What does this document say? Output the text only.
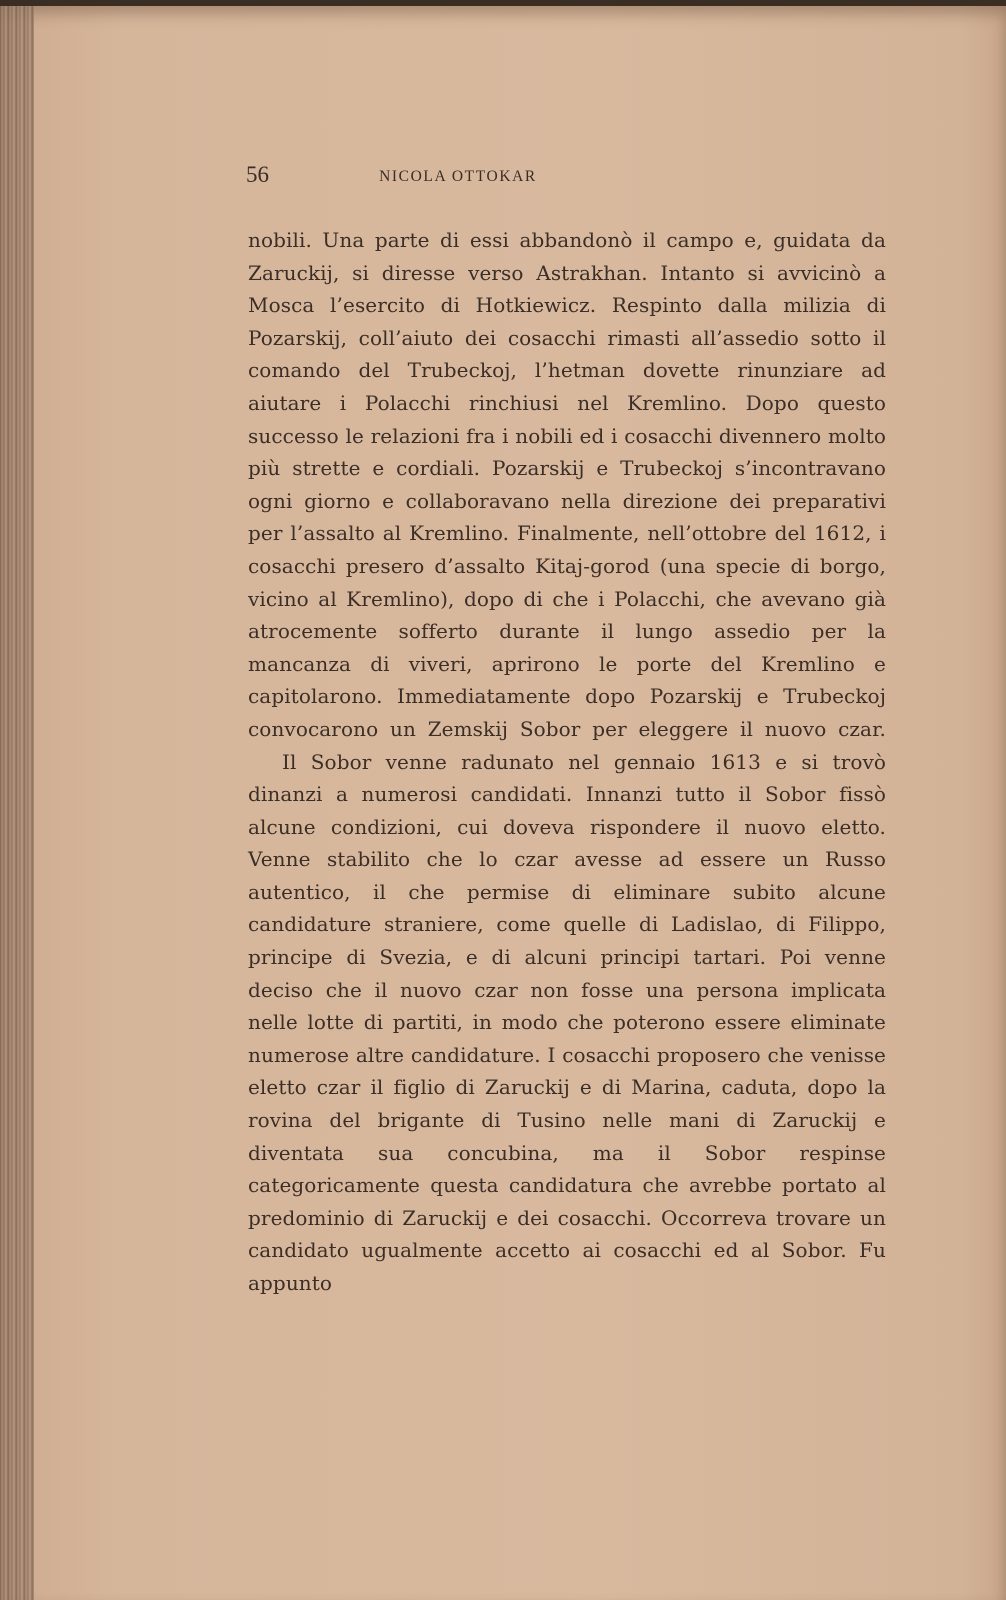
56	NICOLA OTTOKAR

nobili. Una parte di essi abbandonò il campo e, guidata da Zaruckij, si diresse verso Astrakhan. Intanto si avvicinò a Mosca l’esercito di Hotkiewicz. Respinto dalla milizia di Pozarskij, coll’aiuto dei cosacchi rimasti all’assedio sotto il comando del Trubeckoj, l’hetman dovette rinunziare ad aiutare i Polacchi rinchiusi nel Kremlino. Dopo questo successo le relazioni fra i nobili ed i cosacchi divennero molto più strette e cordiali. Pozarskij e Trubeckoj s’incontravano ogni giorno e collaboravano nella direzione dei preparativi per l’assalto al Kremlino. Finalmente, nell’ottobre del 1612, i cosacchi presero d’assalto Kitaj-gorod (una specie di borgo, vicino al Kremlino), dopo di che i Polacchi, che avevano già atrocemente sofferto durante il lungo assedio per la mancanza di viveri, aprirono le porte del Kremlino e capitolarono. Immediatamente dopo Pozarskij e Trubeckoj convocarono un Zemskij Sobor per eleggere il nuovo czar.

Il Sobor venne radunato nel gennaio 1613 e si trovò dinanzi a numerosi candidati. Innanzi tutto il Sobor fissò alcune condizioni, cui doveva rispondere il nuovo eletto. Venne stabilito che lo czar avesse ad essere un Russo autentico, il che permise di eliminare subito alcune candidature straniere, come quelle di Ladislao, di Filippo, principe di Svezia, e di alcuni principi tartari. Poi venne deciso che il nuovo czar non fosse una persona implicata nelle lotte di partiti, in modo che poterono essere eliminate numerose altre candidature. I cosacchi proposero che venisse eletto czar il figlio di Zaruckij e di Marina, caduta, dopo la rovina del brigante di Tusino nelle mani di Zaruckij e diventata sua concubina, ma il Sobor respinse categoricamente questa candidatura che avrebbe portato al predominio di Zaruckij e dei cosacchi. Occorreva trovare un candidato ugualmente accetto ai cosacchi ed al Sobor. Fu appunto
